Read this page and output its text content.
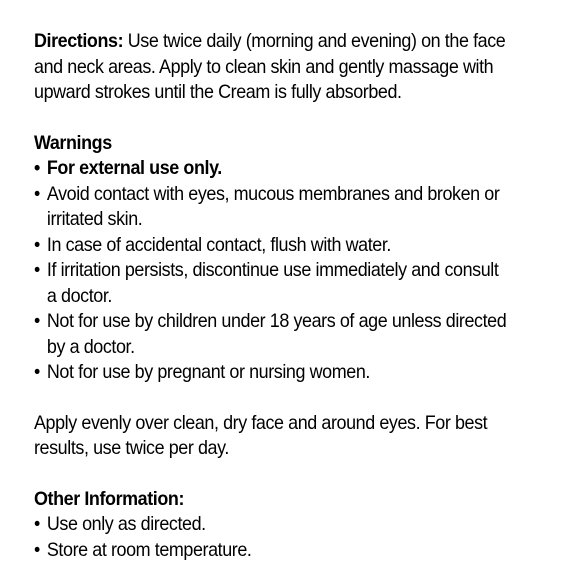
Directions: Use twice daily (morning and evening) on the face and neck areas. Apply to clean skin and gently massage with upward strokes until the Cream is fully absorbed.

Warnings
• For external use only.
• Avoid contact with eyes, mucous membranes and broken or irritated skin.
• In case of accidental contact, flush with water.
• If irritation persists, discontinue use immediately and consult a doctor.
• Not for use by children under 18 years of age unless directed by a doctor.
• Not for use by pregnant or nursing women.

Apply evenly over clean, dry face and around eyes. For best results, use twice per day.

Other Information:
• Use only as directed.
• Store at room temperature.
